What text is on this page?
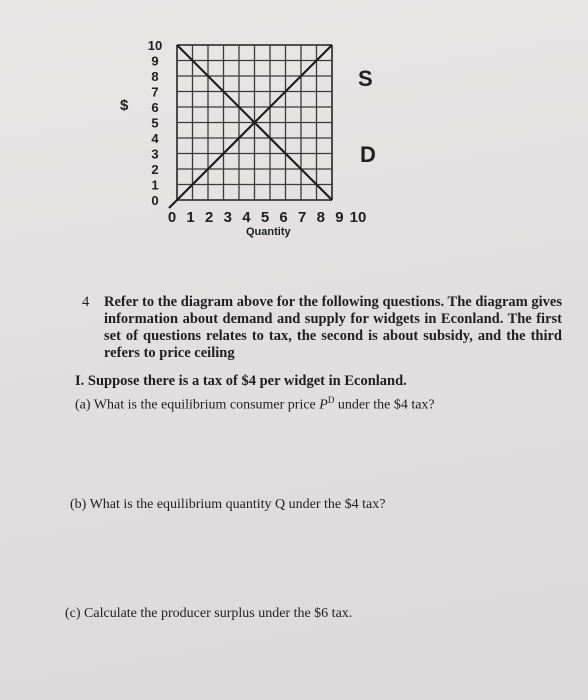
0
1
2
3
4
5
6
7
8
9
10
0 1 2 3 4 5 6 7 8 9 10
$
Quantity
S
D
4 Refer to the diagram above for the following questions. The diagram gives information about demand and supply for widgets in Econland. The first set of questions relates to tax, the second is about subsidy, and the third refers to price ceiling
I. Suppose there is a tax of $4 per widget in Econland.
(a) What is the equilibrium consumer price $P^D$ under the $4 tax?
(b) What is the equilibrium quantity Q under the $4 tax?
(c) Calculate the producer surplus under the $6 tax.
